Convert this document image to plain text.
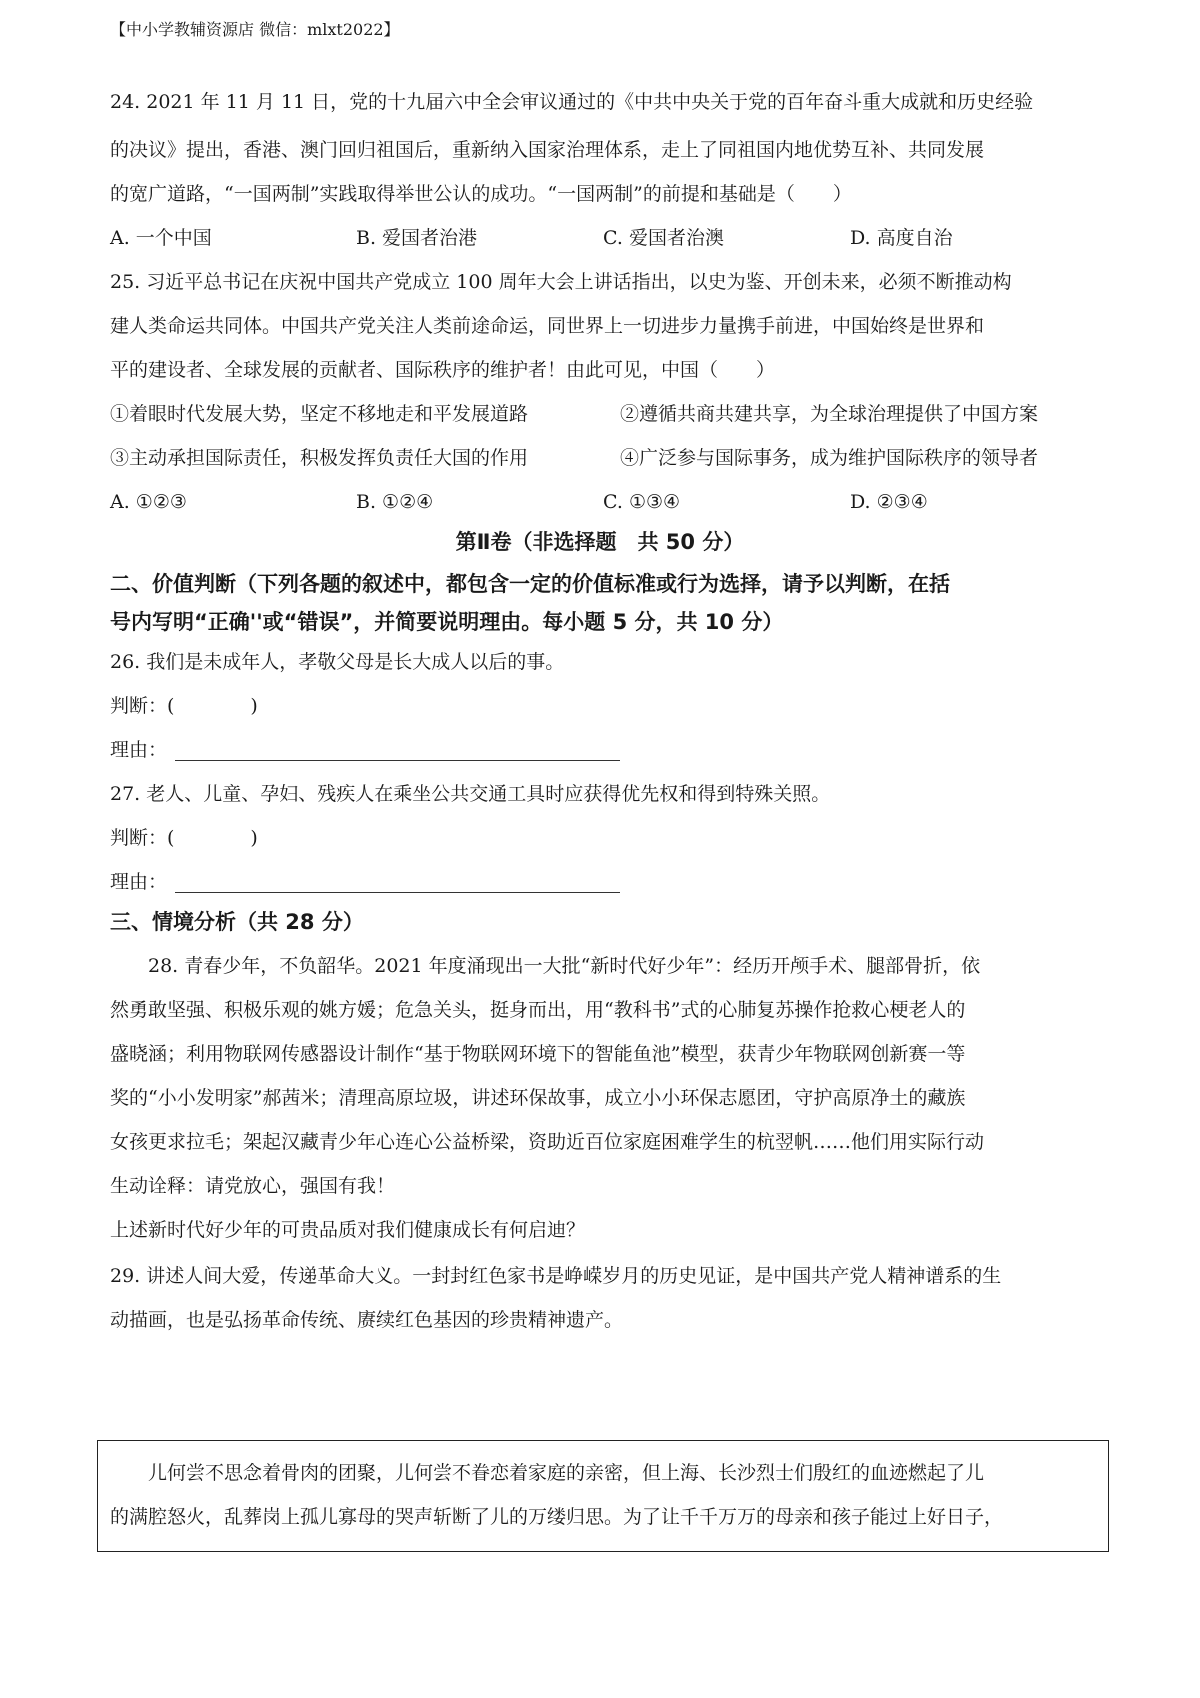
【中小学教辅资源店 微信：mlxt2022】
24. 2021 年 11 月 11 日，党的十九届六中全会审议通过的《中共中央关于党的百年奋斗重大成就和历史经验
的决议》提出，香港、澳门回归祖国后，重新纳入国家治理体系，走上了同祖国内地优势互补、共同发展
的宽广道路，“一国两制”实践取得举世公认的成功。“一国两制”的前提和基础是（　　）
A. 一个中国	B. 爱国者治港	C. 爱国者治澳	D. 高度自治
25. 习近平总书记在庆祝中国共产党成立 100 周年大会上讲话指出，以史为鉴、开创未来，必须不断推动构
建人类命运共同体。中国共产党关注人类前途命运，同世界上一切进步力量携手前进，中国始终是世界和
平的建设者、全球发展的贡献者、国际秩序的维护者！由此可见，中国（　　）
①着眼时代发展大势，坚定不移地走和平发展道路	②遵循共商共建共享，为全球治理提供了中国方案
③主动承担国际责任，积极发挥负责任大国的作用	④广泛参与国际事务，成为维护国际秩序的领导者
A. ①②③	B. ①②④	C. ①③④	D. ②③④
第Ⅱ卷（非选择题　共 50 分）
二、价值判断（下列各题的叙述中，都包含一定的价值标准或行为选择，请予以判断，在括
号内写明“正确''或“错误”，并简要说明理由。每小题 5 分，共 10 分）
26. 我们是未成年人，孝敬父母是长大成人以后的事。
判断：(　　　　)
理由：
27. 老人、儿童、孕妇、残疾人在乘坐公共交通工具时应获得优先权和得到特殊关照。
判断：(　　　　)
理由：
三、情境分析（共 28 分）
28. 青春少年，不负韶华。2021 年度涌现出一大批“新时代好少年”：经历开颅手术、腿部骨折，依
然勇敢坚强、积极乐观的姚方媛；危急关头，挺身而出，用“教科书”式的心肺复苏操作抢救心梗老人的
盛晓涵；利用物联网传感器设计制作“基于物联网环境下的智能鱼池”模型，获青少年物联网创新赛一等
奖的“小小发明家”郝茜米；清理高原垃圾，讲述环保故事，成立小小环保志愿团，守护高原净土的藏族
女孩更求拉毛；架起汉藏青少年心连心公益桥梁，资助近百位家庭困难学生的杭翌帆……他们用实际行动
生动诠释：请党放心，强国有我！
上述新时代好少年的可贵品质对我们健康成长有何启迪？
29. 讲述人间大爱，传递革命大义。一封封红色家书是峥嵘岁月的历史见证，是中国共产党人精神谱系的生
动描画，也是弘扬革命传统、赓续红色基因的珍贵精神遗产。
儿何尝不思念着骨肉的团聚，儿何尝不眷恋着家庭的亲密，但上海、长沙烈士们殷红的血迹燃起了儿
的满腔怒火，乱葬岗上孤儿寡母的哭声斩断了儿的万缕归思。为了让千千万万的母亲和孩子能过上好日子，
